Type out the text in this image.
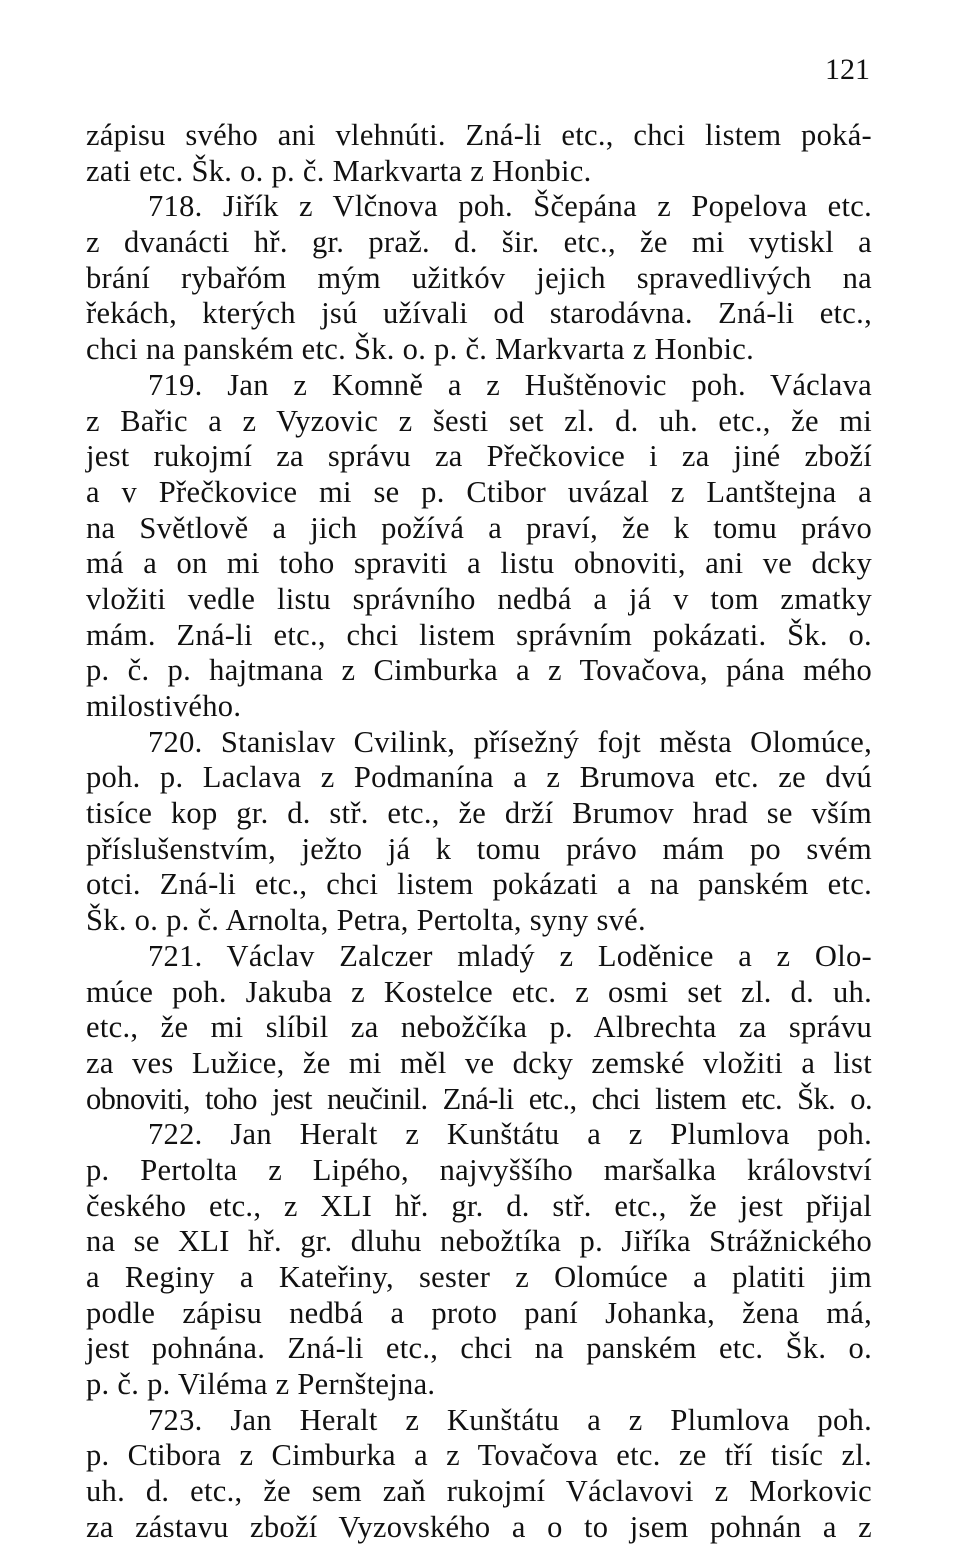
121
zápisu svého ani vlehnúti. Zná-li etc., chci listem poká-
zati etc. Šk. o. p. č. Markvarta z Honbic.
718. Jiřík z Vlčnova poh. Ščepána z Popelova etc.
z dvanácti hř. gr. praž. d. šir. etc., že mi vytiskl a
brání rybařóm mým užitkóv jejich spravedlivých na
řekách, kterých jsú užívali od starodávna. Zná-li etc.,
chci na panském etc. Šk. o. p. č. Markvarta z Honbic.
719. Jan z Komně a z Huštěnovic poh. Václava
z Bařic a z Vyzovic z šesti set zl. d. uh. etc., že mi
jest rukojmí za správu za Přečkovice i za jiné zboží
a v Přečkovice mi se p. Ctibor uvázal z Lantštejna a
na Světlově a jich požívá a praví, že k tomu právo
má a on mi toho spraviti a listu obnoviti, ani ve dcky
vložiti vedle listu správního nedbá a já v tom zmatky
mám. Zná-li etc., chci listem správním pokázati. Šk. o.
p. č. p. hajtmana z Cimburka a z Tovačova, pána mého
milostivého.
720. Stanislav Cvilink, přísežný fojt města Olomúce,
poh. p. Laclava z Podmanína a z Brumova etc. ze dvú
tisíce kop gr. d. stř. etc., že drží Brumov hrad se vším
příslušenstvím, ježto já k tomu právo mám po svém
otci. Zná-li etc., chci listem pokázati a na panském etc.
Šk. o. p. č. Arnolta, Petra, Pertolta, syny své.
721. Václav Zalczer mladý z Loděnice a z Olo-
múce poh. Jakuba z Kostelce etc. z osmi set zl. d. uh.
etc., že mi slíbil za nebožčíka p. Albrechta za správu
za ves Lužice, že mi měl ve dcky zemské vložiti a list
obnoviti, toho jest neučinil. Zná-li etc., chci listem etc. Šk. o.
722. Jan Heralt z Kunštátu a z Plumlova poh.
p. Pertolta z Lipého, najvyššího maršalka království
českého etc., z XLI hř. gr. d. stř. etc., že jest přijal
na se XLI hř. gr. dluhu nebožtíka p. Jiříka Strážnického
a Reginy a Kateřiny, sester z Olomúce a platiti jim
podle zápisu nedbá a proto paní Johanka, žena má,
jest pohnána. Zná-li etc., chci na panském etc. Šk. o.
p. č. p. Viléma z Pernštejna.
723. Jan Heralt z Kunštátu a z Plumlova poh.
p. Ctibora z Cimburka a z Tovačova etc. ze tří tisíc zl.
uh. d. etc., že sem zaň rukojmí Václavovi z Morkovic
za zástavu zboží Vyzovského a o to jsem pohnán a z
